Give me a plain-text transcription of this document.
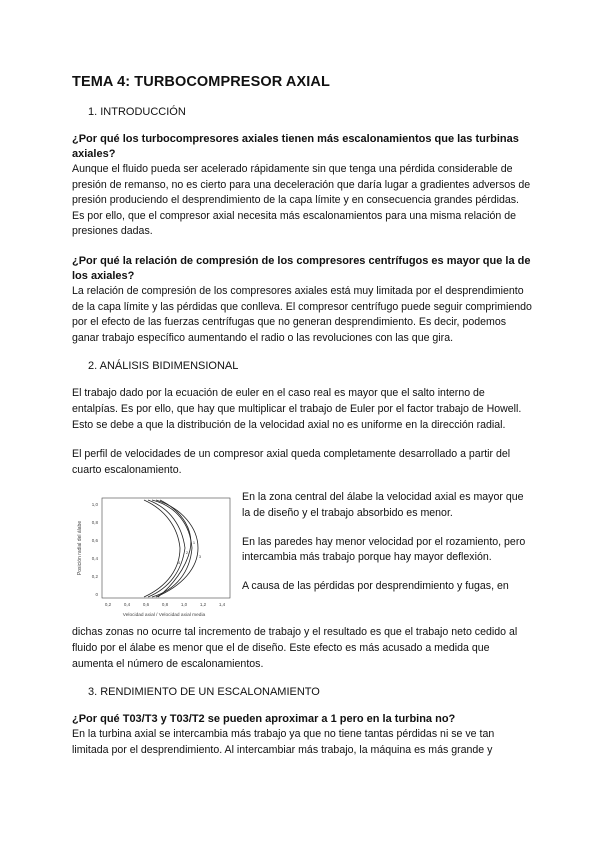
TEMA 4: TURBOCOMPRESOR AXIAL
1. INTRODUCCIÓN
¿Por qué los turbocompresores axiales tienen más escalonamientos que las turbinas axiales?

Aunque el fluido pueda ser acelerado rápidamente sin que tenga una pérdida considerable de presión de remanso, no es cierto para una deceleración que daría lugar a gradientes adversos de presión produciendo el desprendimiento de la capa límite y en consecuencia grandes pérdidas. Es por ello, que el compresor axial necesita más escalonamientos para una misma relación de presiones dadas.

¿Por qué la relación de compresión de los compresores centrífugos es mayor que la de los axiales?

La relación de compresión de los compresores axiales está muy limitada por el desprendimiento de la capa límite y las pérdidas que conlleva. El compresor centrífugo puede seguir comprimiendo por el efecto de las fuerzas centrífugas que no generan desprendimiento. Es decir, podemos ganar trabajo específico aumentando el radio o las revoluciones con las que gira.

2. ANÁLISIS BIDIMENSIONAL

El trabajo dado por la ecuación de euler en el caso real es mayor que el salto interno de entalpías. Es por ello, que hay que multiplicar el trabajo de Euler por el factor trabajo de Howell. Esto se debe a que la distribución de la velocidad axial no es uniforme en la dirección radial.

El perfil de velocidades de un compresor axial queda completamente desarrollado a partir del cuarto escalonamiento.

Posición radial del álabe
1,0
0,8
0,6
0,4
0,2
0
0,2	0,4	0,6	0,8	1,0	1,2	1,4
Velocidad axial / Velocidad axial media
1
2
3
4

En la zona central del álabe la velocidad axial es mayor que la de diseño y el trabajo absorbido es menor.

En las paredes hay menor velocidad por el rozamiento, pero intercambia más trabajo porque hay mayor deflexión.

A causa de las pérdidas por desprendimiento y fugas, en

dichas zonas no ocurre tal incremento de trabajo y el resultado es que el trabajo neto cedido al fluido por el álabe es menor que el de diseño. Este efecto es más acusado a medida que aumenta el número de escalonamientos.

3. RENDIMIENTO DE UN ESCALONAMIENTO
¿Por qué T03/T3 y T03/T2 se pueden aproximar a 1 pero en la turbina no?

En la turbina axial se intercambia más trabajo ya que no tiene tantas pérdidas ni se ve tan limitada por el desprendimiento. Al intercambiar más trabajo, la máquina es más grande y
